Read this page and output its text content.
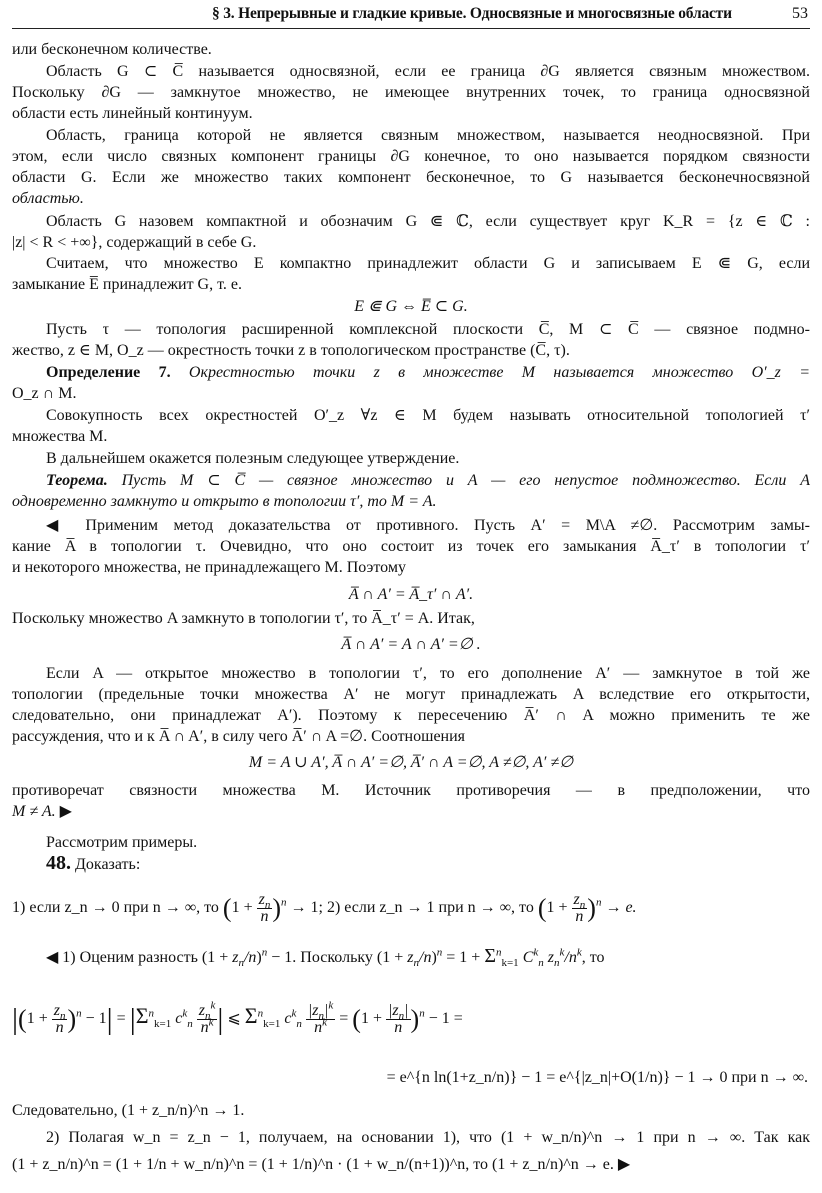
§ 3. Непрерывные и гладкие кривые. Односвязные и многосвязные области	53
или бесконечном количестве.
Область G ⊂ C̅ называется односвязной, если ее граница ∂G является связным множеством.
Поскольку ∂G — замкнутое множество, не имеющее внутренних точек, то граница односвязной
области есть линейный континуум.
Область, граница которой не является связным множеством, называется неодносвязной. При
этом, если число связных компонент границы ∂G конечное, то оно называется порядком связности
области G. Если же множество таких компонент бесконечное, то G называется бесконечносвязной
областью.
Область G назовем компактной и обозначим G ⋐ ℂ, если существует круг K_R = {z ∈ ℂ :
|z| < R < +∞}, содержащий в себе G.
Считаем, что множество E компактно принадлежит области G и записываем E ⋐ G, если
замыкание E̅ принадлежит G, т. е.
E ⋐ G ⇔ E̅ ⊂ G.
Пусть τ — топология расширенной комплексной плоскости C̅, M ⊂ C̅ — связное подмно-
жество, z ∈ M, O_z — окрестность точки z в топологическом пространстве (C̅, τ).
Определение 7. Окрестностью точки z в множестве M называется множество O′_z =
O_z ∩ M.
Совокупность всех окрестностей O′_z ∀z ∈ M будем называть относительной топологией τ′
множества M.
В дальнейшем окажется полезным следующее утверждение.
Теорема. Пусть M ⊂ C̅ — связное множество и A — его непустое подмножество. Если A
одновременно замкнуто и открыто в топологии τ′, то M = A.
◀ Применим метод доказательства от противного. Пусть A′ = M\A ≠∅. Рассмотрим замы-
кание A̅ в топологии τ. Очевидно, что оно состоит из точек его замыкания A̅_τ′ в топологии τ′
и некоторого множества, не принадлежащего M. Поэтому
A̅ ∩ A′ = A̅_τ′ ∩ A′.
Поскольку множество A замкнуто в топологии τ′, то A̅_τ′ = A. Итак,
A̅ ∩ A′ = A ∩ A′ =∅ .
Если A — открытое множество в топологии τ′, то его дополнение A′ — замкнутое в той же
топологии (предельные точки множества A′ не могут принадлежать A вследствие его открытости,
следовательно, они принадлежат A′). Поэтому к пересечению A̅′ ∩ A можно применить те же
рассуждения, что и к A̅ ∩ A′, в силу чего A̅′ ∩ A =∅. Соотношения
M = A ∪ A′, A̅ ∩ A′ =∅, A̅′ ∩ A =∅, A ≠∅, A′ ≠∅
противоречат связности множества M. Источник противоречия — в предположении, что
M ≠ A. ▶
Рассмотрим примеры.
48. Доказать:
1) если z_n → 0 при n → ∞, то $(1 + \frac{z_n}{n} )^n \to 1$; 2) если z_n → 1 при n → ∞, то $(1 + \frac{z_n}{n} )^n \to e$.
◀ 1) Оценим разность $(1 + z_n/n)^n - 1$. Поскольку $(1 + z_n/n)^n = 1 + \Sigma^n_{k=1}$ $C^k_n$ $z_n^k/n^k$, то
$|(1 + \frac{z_n}{n} )^n - 1| = |\Sigma^n_{k=1}$ $c^k_n \frac{z_n^k}{n^k}$ | ⩽ $\Sigma^n_{k=1}$ $c^k_n \frac{|z_n|^k}{n^k} = (1 + \frac{|z_n|}{n} )^n - 1$ =
= e^{n ln(1+z_n/n)} − 1 = e^{|z_n|+O(1/n)} − 1 → 0 при n → ∞.
Следовательно, (1 + z_n/n)^n → 1.
2) Полагая w_n = z_n − 1, получаем, на основании 1), что (1 + w_n/n)^n → 1 при n → ∞. Так как
(1 + z_n/n)^n = (1 + 1/n + w_n/n)^n = (1 + 1/n)^n · (1 + w_n/(n+1))^n, то (1 + z_n/n)^n → e. ▶
